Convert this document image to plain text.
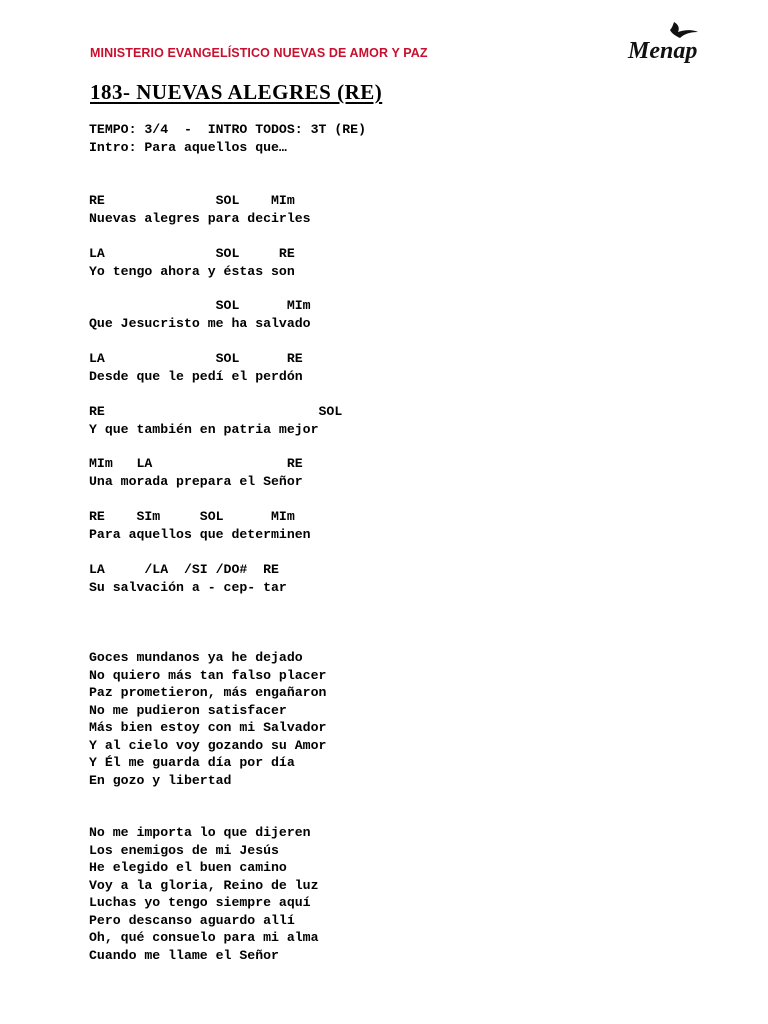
MINISTERIO EVANGELÍSTICO NUEVAS DE AMOR Y PAZ	Menap
183- NUEVAS ALEGRES (RE)
TEMPO: 3/4  -  INTRO TODOS: 3T (RE)
Intro: Para aquellos que…
RE              SOL    MIm
Nuevas alegres para decirles
LA              SOL     RE
Yo tengo ahora y éstas son
SOL      MIm
Que Jesucristo me ha salvado
LA              SOL      RE
Desde que le pedí el perdón
RE                           SOL
Y que también en patria mejor
MIm   LA                 RE
Una morada prepara el Señor
RE    SIm     SOL      MIm
Para aquellos que determinen
LA     /LA  /SI /DO#  RE
Su salvación a - cep- tar
Goces mundanos ya he dejado
No quiero más tan falso placer
Paz prometieron, más engañaron
No me pudieron satisfacer
Más bien estoy con mi Salvador
Y al cielo voy gozando su Amor
Y Él me guarda día por día
En gozo y libertad
No me importa lo que dijeren
Los enemigos de mi Jesús
He elegido el buen camino
Voy a la gloria, Reino de luz
Luchas yo tengo siempre aquí
Pero descanso aguardo allí
Oh, qué consuelo para mi alma
Cuando me llame el Señor
